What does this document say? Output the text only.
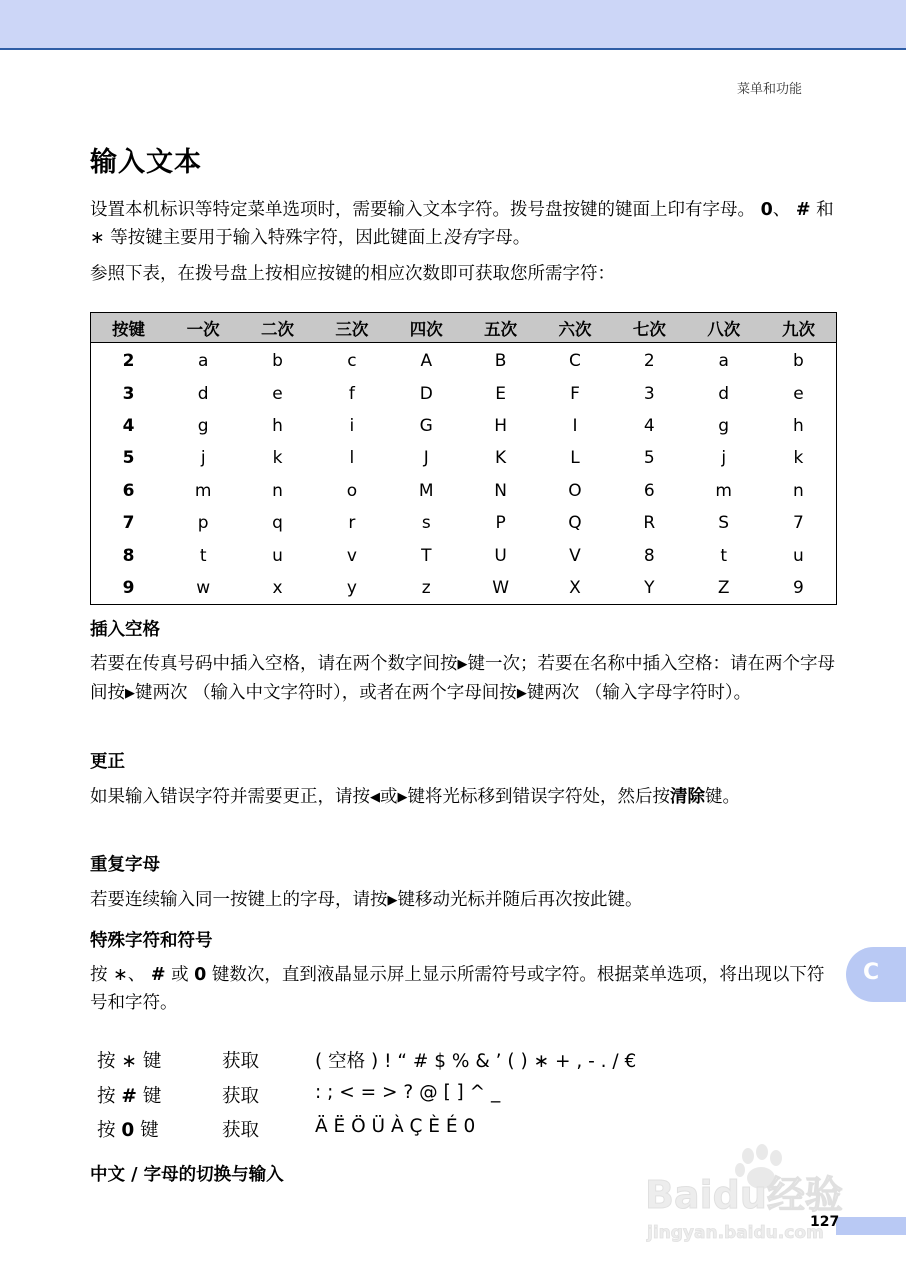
菜单和功能
输入文本

设置本机标识等特定菜单选项时，需要输入文本字符。拨号盘按键的键面上印有字母。 0、 # 和 ∗ 等按键主要用于输入特殊字符，因此键面上没有字母。

参照下表，在拨号盘上按相应按键的相应次数即可获取您所需字符：

按键	一次	二次	三次	四次	五次	六次	七次	八次	九次
2	a	b	c	A	B	C	2	a	b
3	d	e	f	D	E	F	3	d	e
4	g	h	i	G	H	I	4	g	h
5	j	k	l	J	K	L	5	j	k
6	m	n	o	M	N	O	6	m	n
7	p	q	r	s	P	Q	R	S	7
8	t	u	v	T	U	V	8	t	u
9	w	x	y	z	W	X	Y	Z	9

插入空格

若要在传真号码中插入空格，请在两个数字间按▶键一次；若要在名称中插入空格：请在两个字母间按▶键两次 （输入中文字符时），或者在两个字母间按▶键两次 （输入字母字符时）。

更正

如果输入错误字符并需要更正，请按◀或▶键将光标移到错误字符处，然后按清除键。

重复字母

若要连续输入同一按键上的字母，请按▶键移动光标并随后再次按此键。

特殊字符和符号

按 ∗、 # 或 0 键数次，直到液晶显示屏上显示所需符号或字符。根据菜单选项，将出现以下符号和字符。

按 ∗ 键	获取	( 空格 ) ! “ # $ % & ’ ( ) ∗ + , - . / €
按 # 键	获取	: ; < = > ? @ [ ] ^ _
按 0 键	获取	Ä Ë Ö Ü À Ç È É 0

中文 / 字母的切换与输入

C
Baidu经验
jingyan.baidu.com
127
